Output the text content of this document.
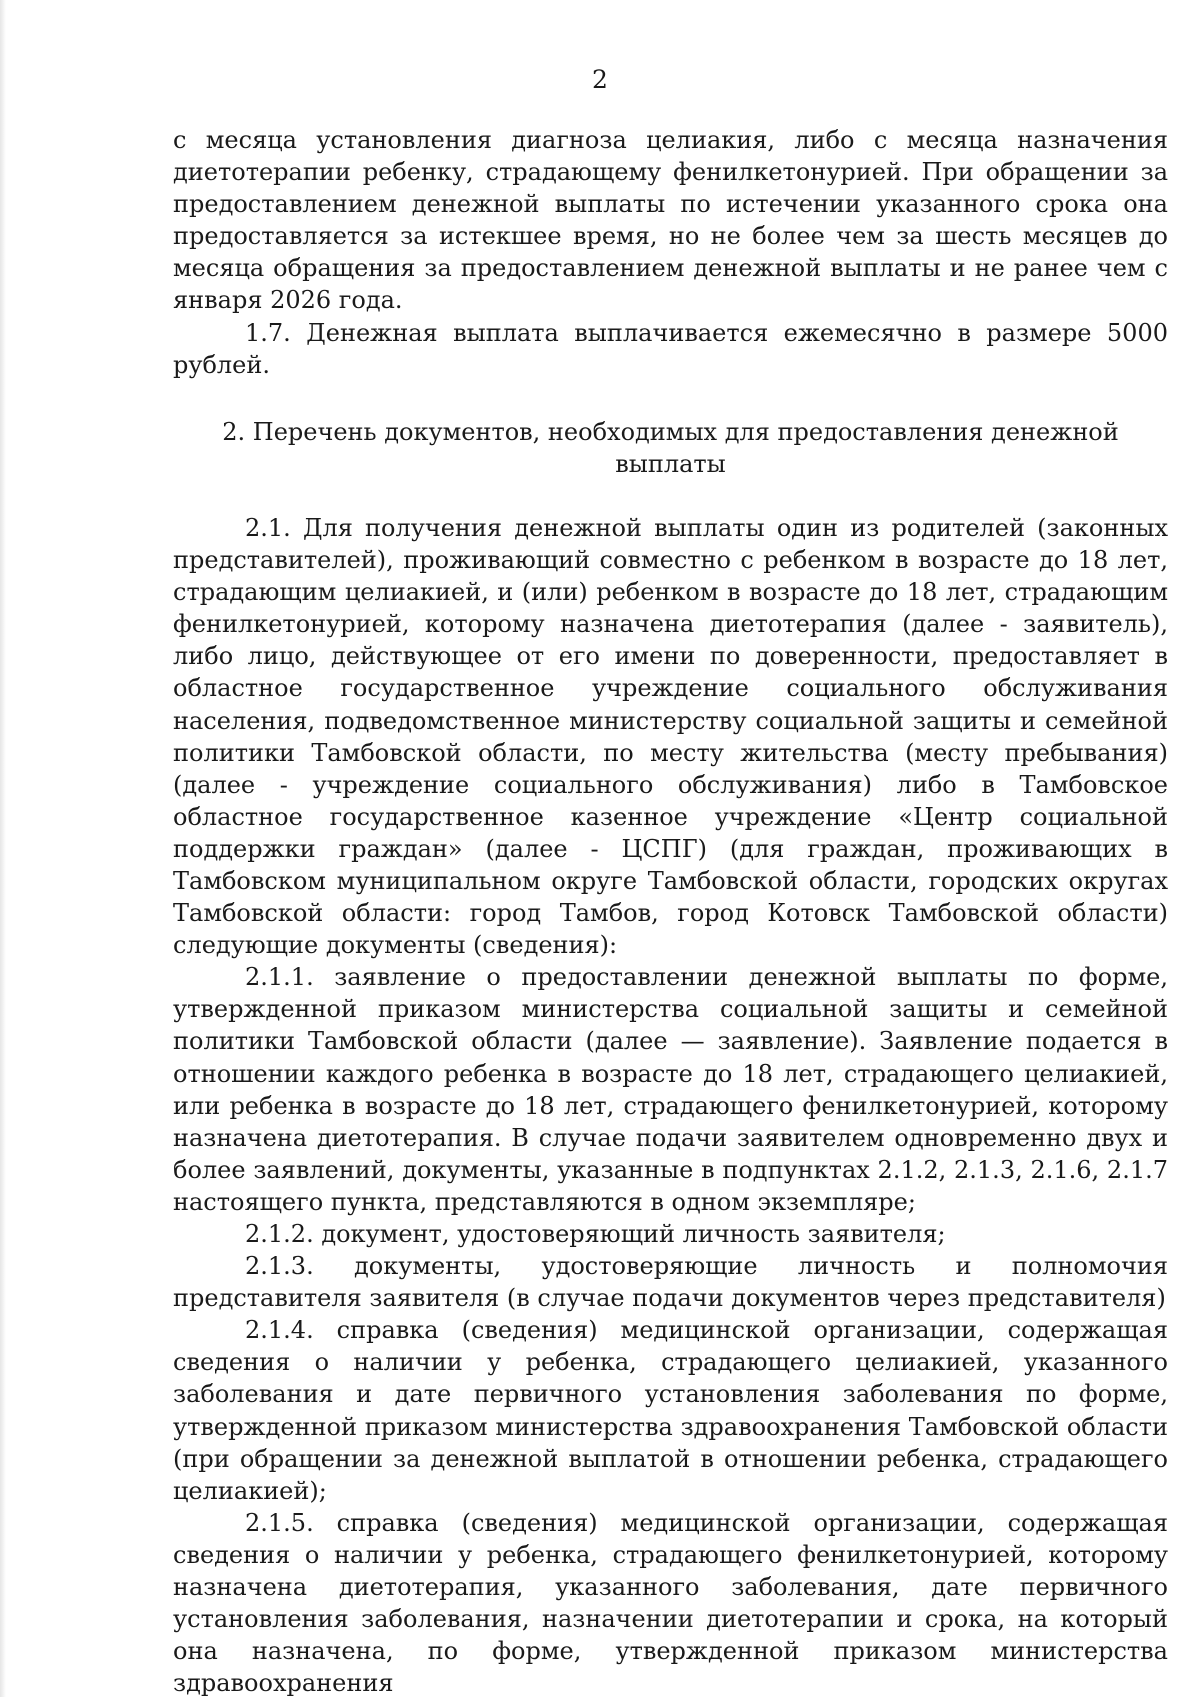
2

с месяца установления диагноза целиакия, либо с месяца назначения диетотерапии ребенку, страдающему фенилкетонурией. При обращении за предоставлением денежной выплаты по истечении указанного срока она предоставляется за истекшее время, но не более чем за шесть месяцев до месяца обращения за предоставлением денежной выплаты и не ранее чем с января 2026 года.

1.7. Денежная выплата выплачивается ежемесячно в размере 5000 рублей.

2. Перечень документов, необходимых для предоставления денежной выплаты

2.1. Для получения денежной выплаты один из родителей (законных представителей), проживающий совместно с ребенком в возрасте до 18 лет, страдающим целиакией, и (или) ребенком в возрасте до 18 лет, страдающим фенилкетонурией, которому назначена диетотерапия (далее - заявитель), либо лицо, действующее от его имени по доверенности, предоставляет в областное государственное учреждение социального обслуживания населения, подведомственное министерству социальной защиты и семейной политики Тамбовской области, по месту жительства (месту пребывания) (далее - учреждение социального обслуживания) либо в Тамбовское областное государственное казенное учреждение «Центр социальной поддержки граждан» (далее - ЦСПГ) (для граждан, проживающих в Тамбовском муниципальном округе Тамбовской области, городских округах Тамбовской области: город Тамбов, город Котовск Тамбовской области) следующие документы (сведения):

2.1.1. заявление о предоставлении денежной выплаты по форме, утвержденной приказом министерства социальной защиты и семейной политики Тамбовской области (далее — заявление). Заявление подается в отношении каждого ребенка в возрасте до 18 лет, страдающего целиакией, или ребенка в возрасте до 18 лет, страдающего фенилкетонурией, которому назначена диетотерапия. В случае подачи заявителем одновременно двух и более заявлений, документы, указанные в подпунктах 2.1.2, 2.1.3, 2.1.6, 2.1.7 настоящего пункта, представляются в одном экземпляре;

2.1.2. документ, удостоверяющий личность заявителя;

2.1.3. документы, удостоверяющие личность и полномочия представителя заявителя (в случае подачи документов через представителя)

2.1.4. справка (сведения) медицинской организации, содержащая сведения о наличии у ребенка, страдающего целиакией, указанного заболевания и дате первичного установления заболевания по форме, утвержденной приказом министерства здравоохранения Тамбовской области (при обращении за денежной выплатой в отношении ребенка, страдающего целиакией);

2.1.5. справка (сведения) медицинской организации, содержащая сведения о наличии у ребенка, страдающего фенилкетонурией, которому назначена диетотерапия, указанного заболевания, дате первичного установления заболевания, назначении диетотерапии и срока, на который она назначена, по форме, утвержденной приказом министерства здравоохранения
